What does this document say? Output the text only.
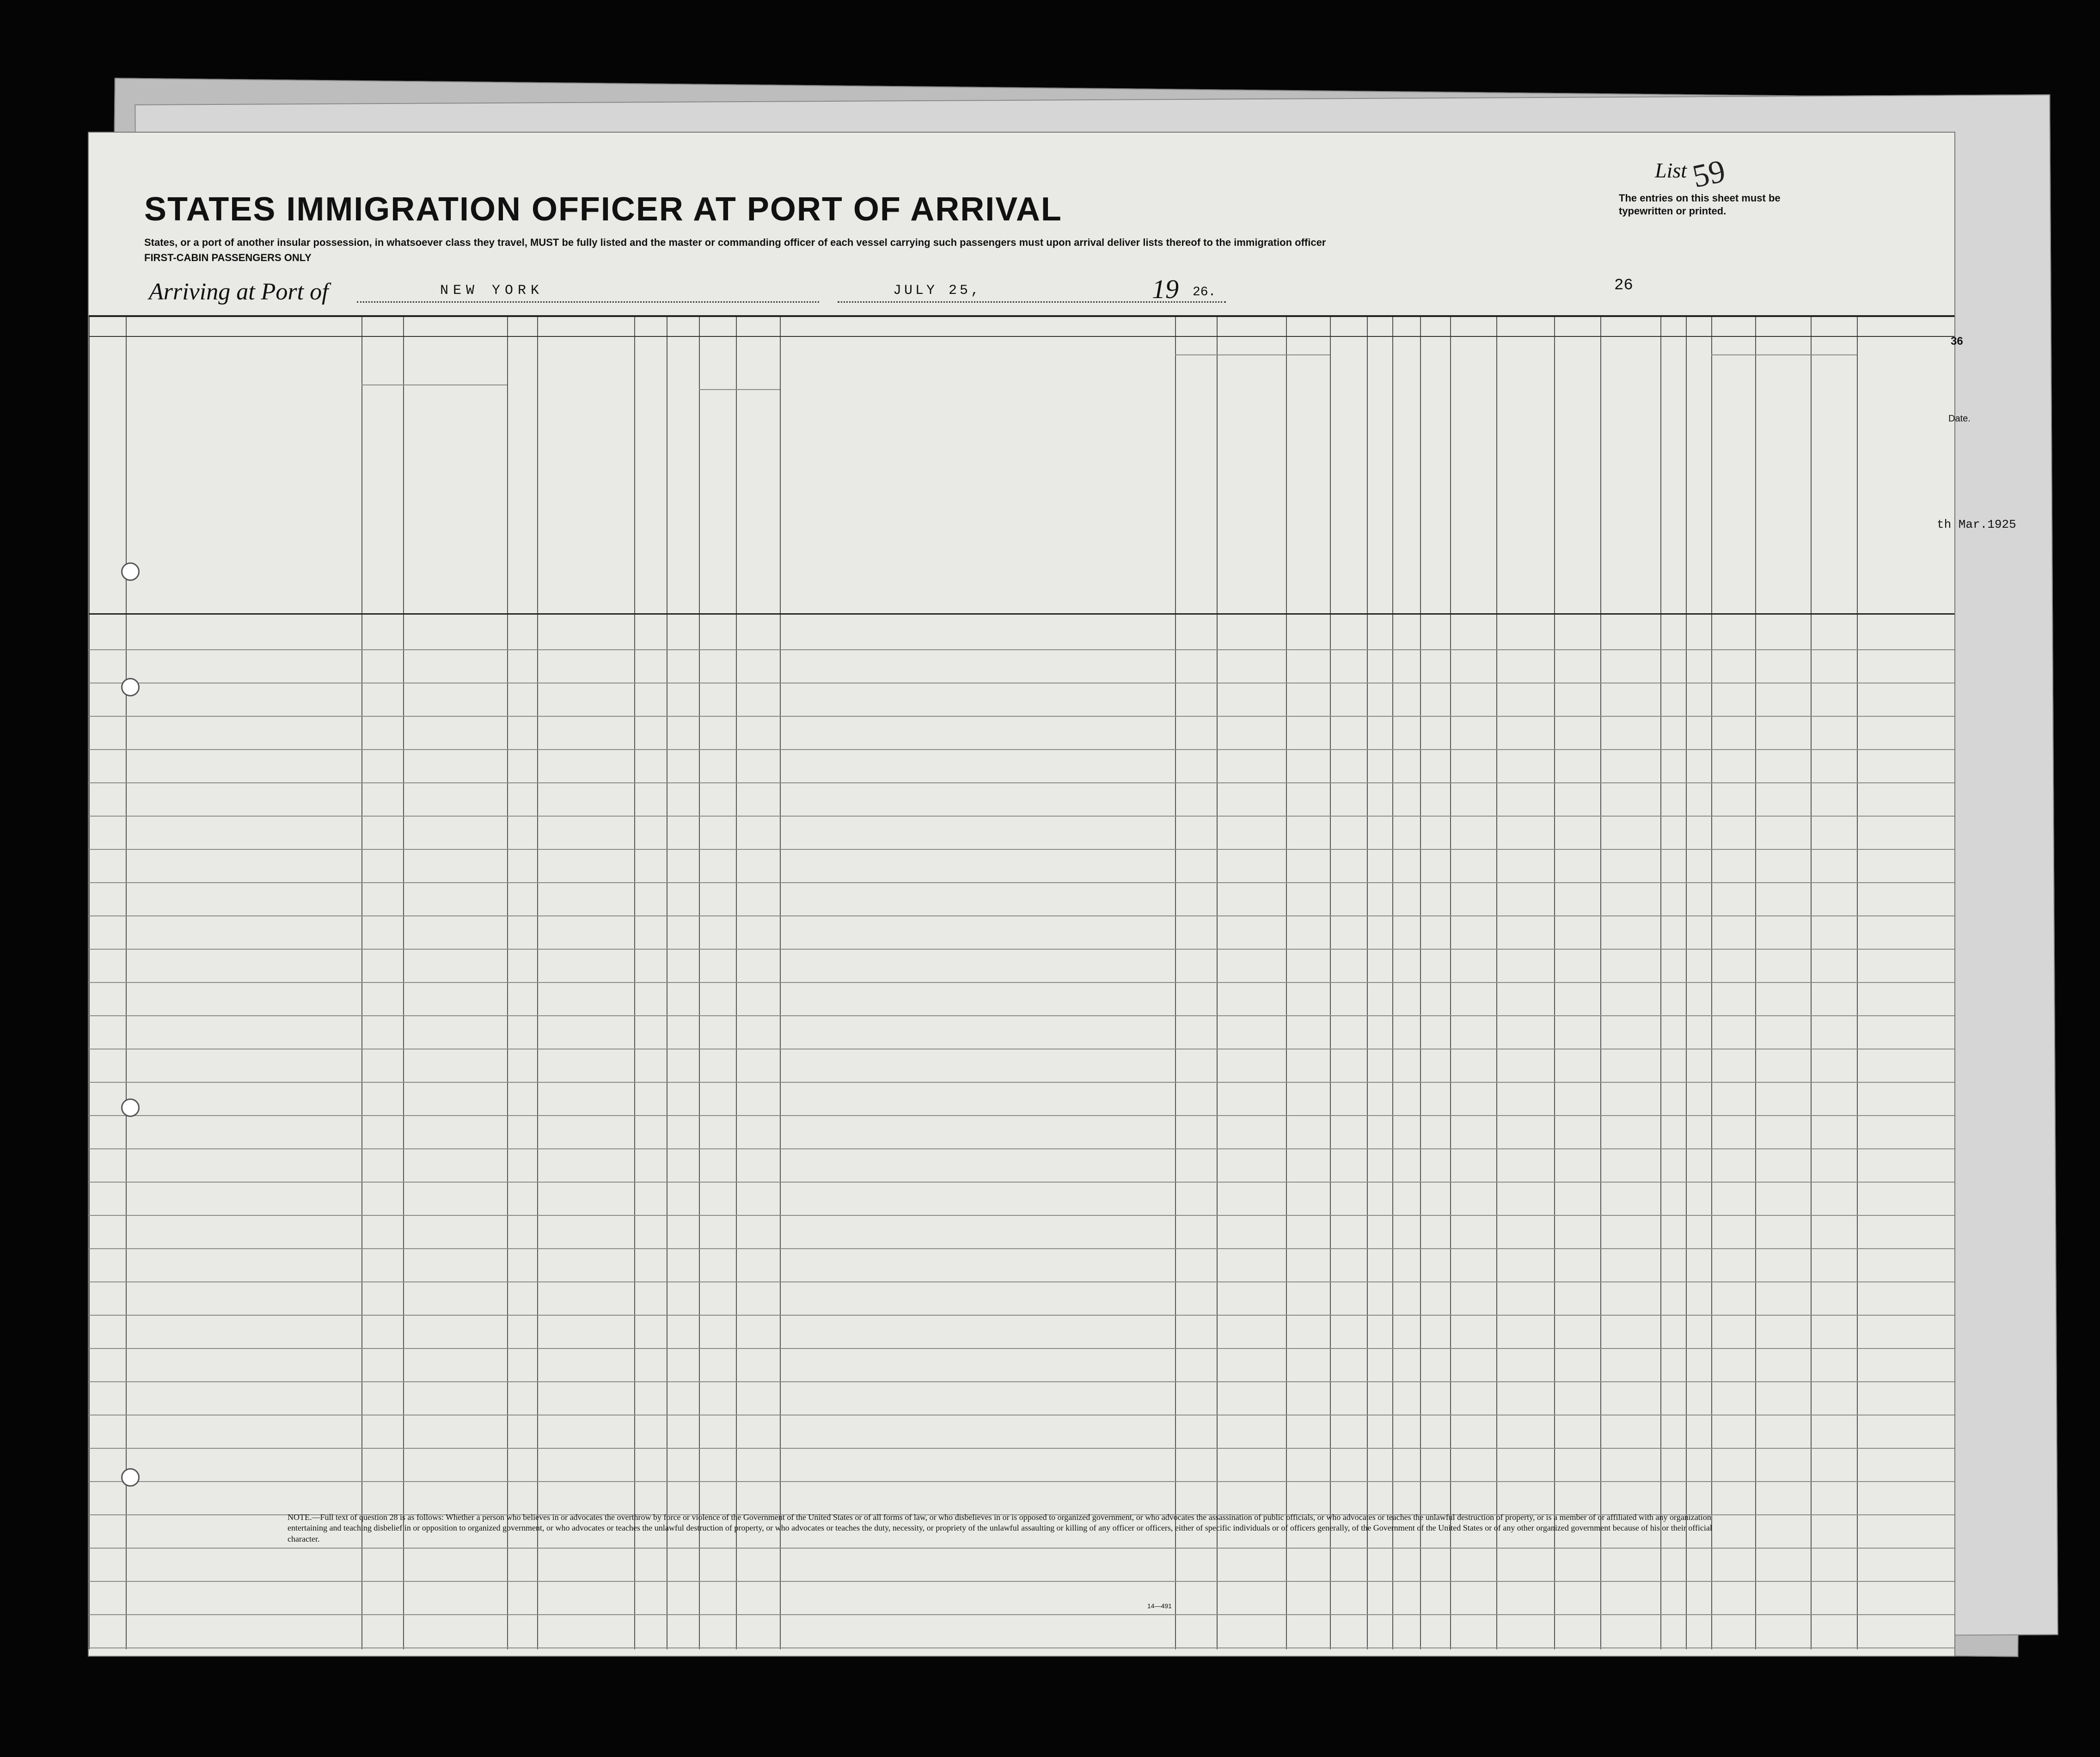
STATES IMMIGRATION OFFICER AT PORT OF ARRIVAL
List 59
The entries on this sheet must be typewritten or printed.
States, or a port of another insular possession, in whatsoever class they travel, MUST be fully listed and the master or commanding officer of each vessel carrying such passengers must upon arrival deliver lists thereof to the immigration officer
FIRST-CABIN PASSENGERS ONLY
Arriving at Port of	NEW YORK	JULY 25,	19 26.	26
NOTE.—Full text of question 28 is as follows: Whether a person who believes in or advocates the overthrow by force or violence of the Government of the United States or of all forms of law, or who disbelieves in or is opposed to organized government, or who advocates the assassination of public officials, or who advocates or teaches the unlawful destruction of property, or is a member of or affiliated with any organization entertaining and teaching disbelief in or opposition to organized government, or who advocates or teaches the unlawful destruction of property, or who advocates or teaches the duty, necessity, or propriety of the unlawful assaulting or killing of any officer or officers, either of specific individuals or of officers generally, of the Government of the United States or of any other organized government because of his or their official character.
14—491
36
Date.
th Mar.1925
